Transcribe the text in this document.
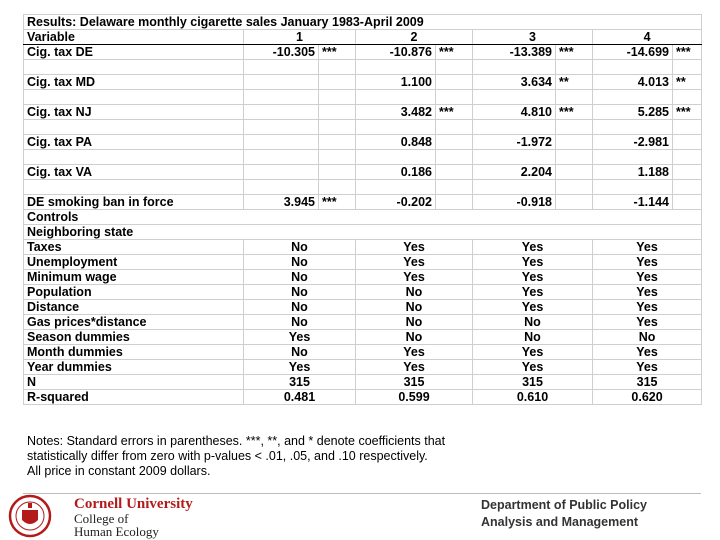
Results: Delaware monthly cigarette sales January 1983-April 2009								
Variable	1		2		3		4	
Cig. tax DE	-10.305	***	-10.876	***	-13.389	***	-14.699	***

Cig. tax MD			1.100		3.634	**	4.013	**

Cig. tax NJ			3.482	***	4.810	***	5.285	***

Cig. tax PA			0.848		-1.972		-2.981	

Cig. tax VA			0.186		2.204		1.188	

DE smoking ban in force	3.945	***	-0.202		-0.918		-1.144	
Controls								
Neighboring state								
Taxes	No		Yes		Yes		Yes	
Unemployment	No		Yes		Yes		Yes	
Minimum wage	No		Yes		Yes		Yes	
Population	No		No		Yes		Yes	
Distance	No		No		Yes		Yes	
Gas prices*distance	No		No		No		Yes	
Season dummies	Yes		No		No		No	
Month dummies	No		Yes		Yes		Yes	
Year dummies	Yes		Yes		Yes		Yes	
N	315		315		315		315	
R-squared	0.481		0.599		0.610		0.620	
Notes: Standard errors in parentheses. ***, **, and * denote coefficients that
statistically differ from zero with p-values < .01, .05, and .10 respectively.
All price in constant 2009 dollars.
Cornell University
College of
Human Ecology
Department of Public Policy
Analysis and Management
